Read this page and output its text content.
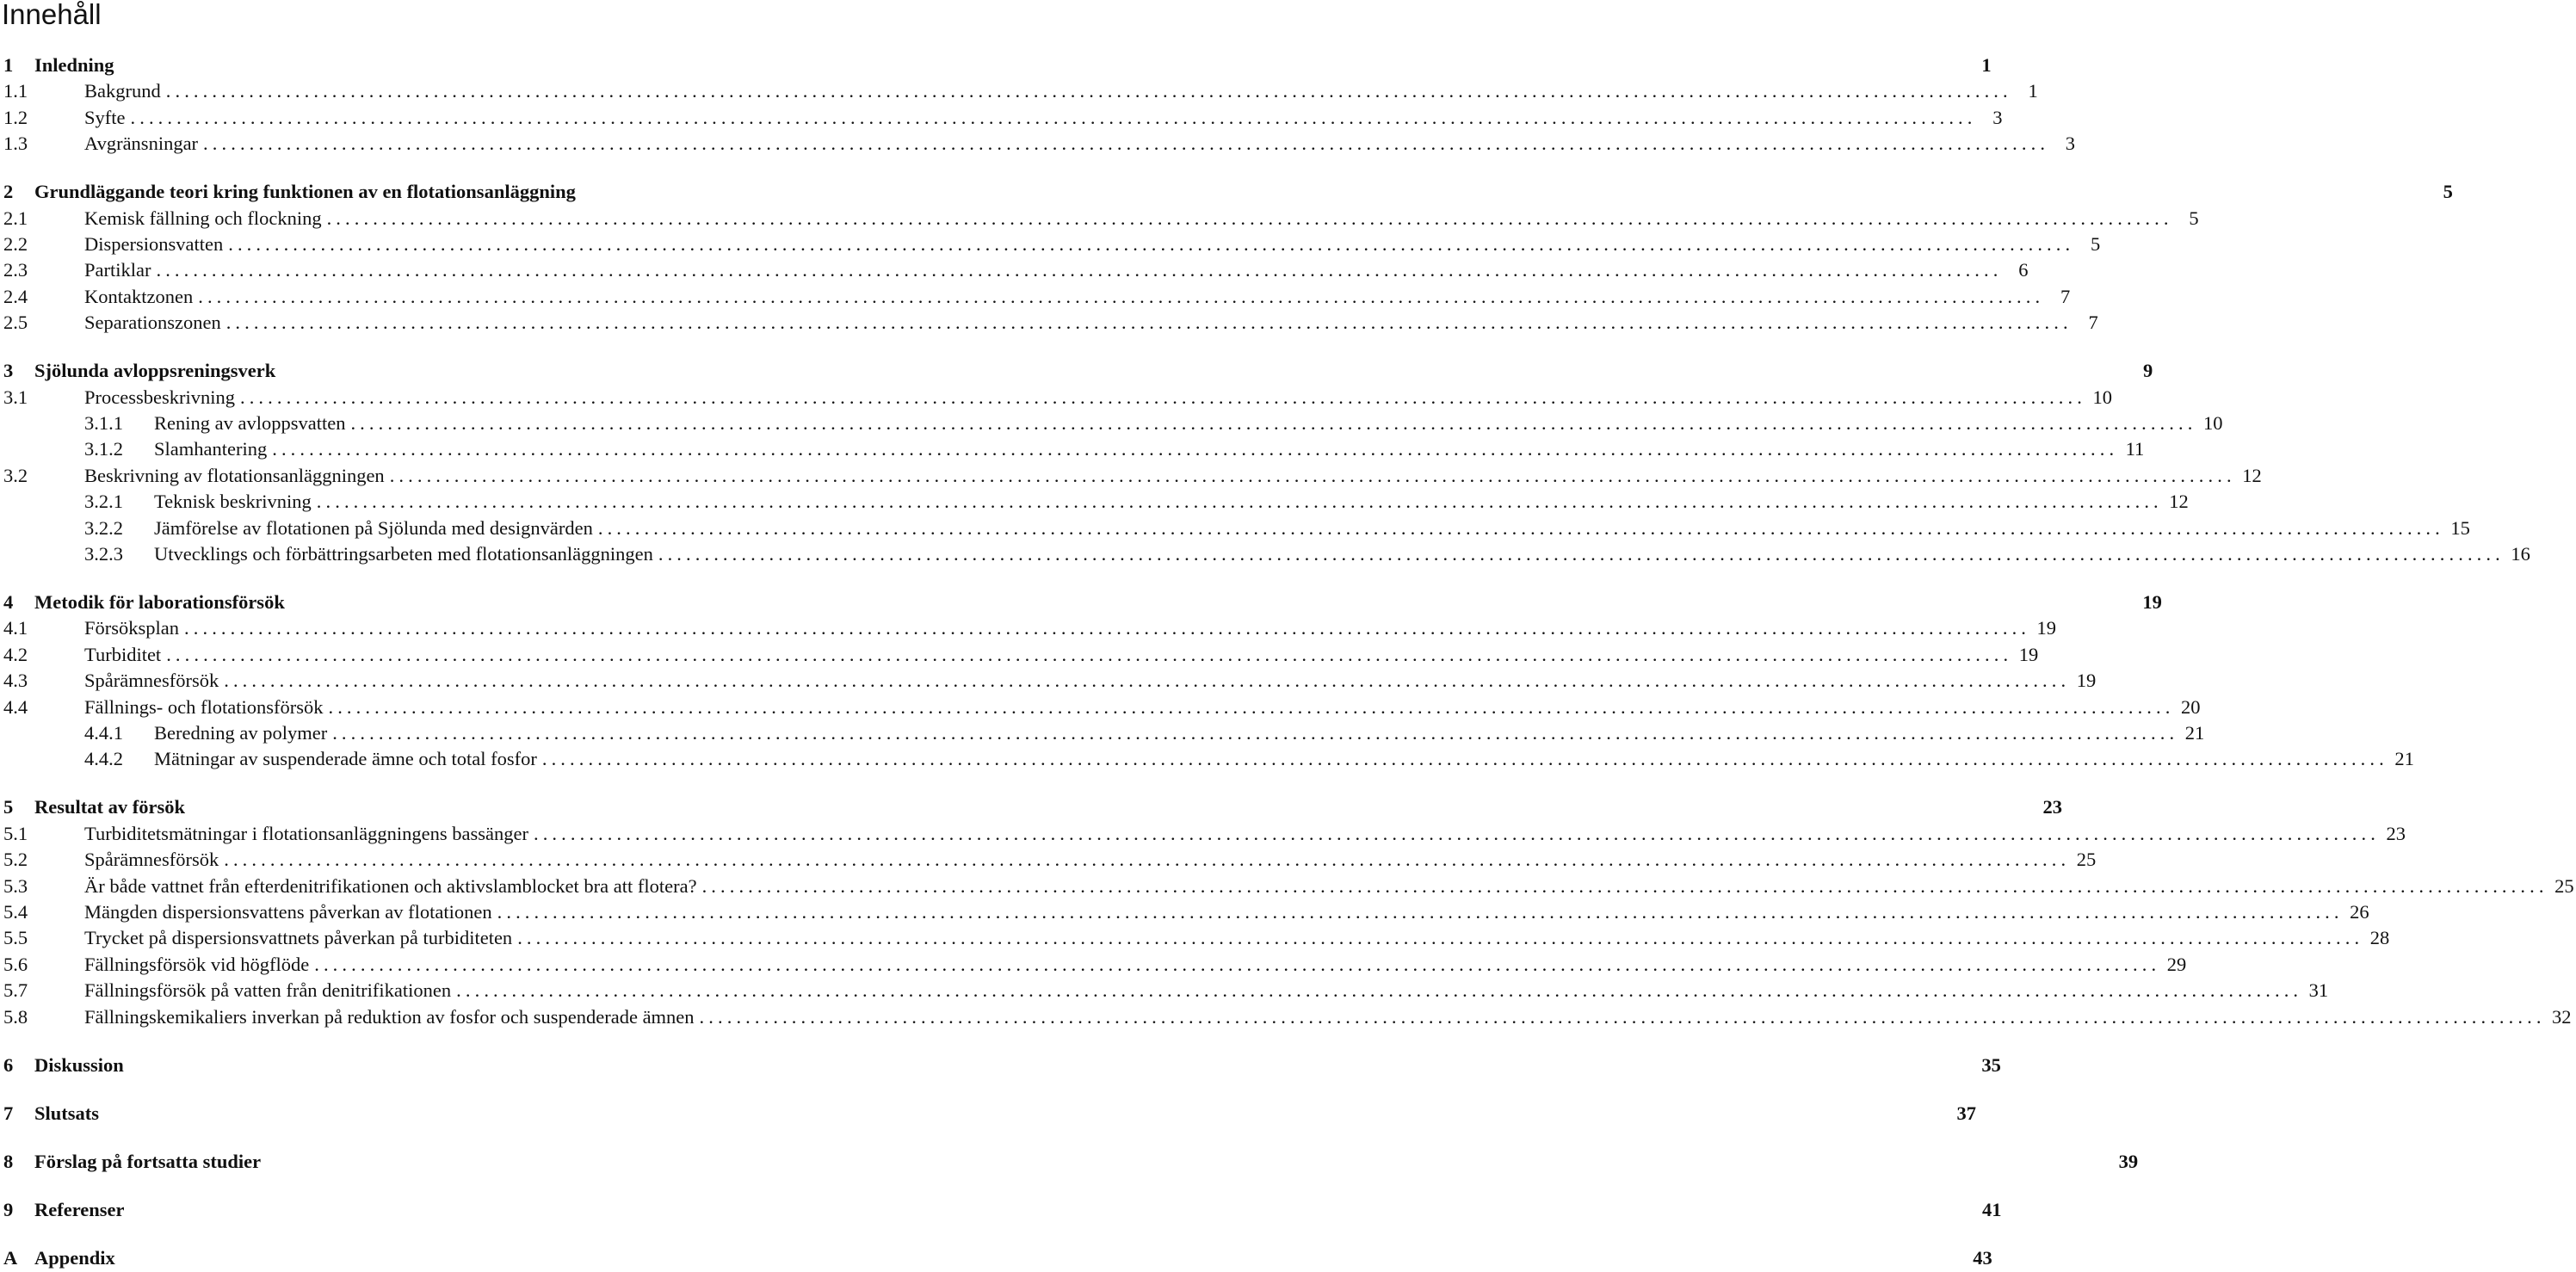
Innehåll
1	Inledning	1
1.1	Bakgrund ........................................................................................................................................................................................................ 1
1.2	Syfte ........................................................................................................................................................................................................ 3
1.3	Avgränsningar ........................................................................................................................................................................................................ 3
2	Grundläggande teori kring funktionen av en flotationsanläggning	5
2.1	Kemisk fällning och flockning ........................................................................................................................................................................................................ 5
2.2	Dispersionsvatten ........................................................................................................................................................................................................ 5
2.3	Partiklar ........................................................................................................................................................................................................ 6
2.4	Kontaktzonen ........................................................................................................................................................................................................ 7
2.5	Separationszonen ........................................................................................................................................................................................................ 7
3	Sjölunda avloppsreningsverk	9
3.1	Processbeskrivning ........................................................................................................................................................................................................ 10
3.1.1	Rening av avloppsvatten ........................................................................................................................................................................................................ 10
3.1.2	Slamhantering ........................................................................................................................................................................................................ 11
3.2	Beskrivning av flotationsanläggningen ........................................................................................................................................................................................................ 12
3.2.1	Teknisk beskrivning ........................................................................................................................................................................................................ 12
3.2.2	Jämförelse av flotationen på Sjölunda med designvärden ........................................................................................................................................................................................................ 15
3.2.3	Utvecklings och förbättringsarbeten med flotationsanläggningen ........................................................................................................................................................................................................ 16
4	Metodik för laborationsförsök	19
4.1	Försöksplan ........................................................................................................................................................................................................ 19
4.2	Turbiditet ........................................................................................................................................................................................................ 19
4.3	Spårämnesförsök ........................................................................................................................................................................................................ 19
4.4	Fällnings- och flotationsförsök ........................................................................................................................................................................................................ 20
4.4.1	Beredning av polymer ........................................................................................................................................................................................................ 21
4.4.2	Mätningar av suspenderade ämne och total fosfor ........................................................................................................................................................................................................ 21
5	Resultat av försök	23
5.1	Turbiditetsmätningar i flotationsanläggningens bassänger ........................................................................................................................................................................................................ 23
5.2	Spårämnesförsök ........................................................................................................................................................................................................ 25
5.3	Är både vattnet från efterdenitrifikationen och aktivslamblocket bra att flotera? ........................................................................................................................................................................................................ 25
5.4	Mängden dispersionsvattens påverkan av flotationen ........................................................................................................................................................................................................ 26
5.5	Trycket på dispersionsvattnets påverkan på turbiditeten ........................................................................................................................................................................................................ 28
5.6	Fällningsförsök vid högflöde ........................................................................................................................................................................................................ 29
5.7	Fällningsförsök på vatten från denitrifikationen ........................................................................................................................................................................................................ 31
5.8	Fällningskemikaliers inverkan på reduktion av fosfor och suspenderade ämnen ........................................................................................................................................................................................................ 32
6	Diskussion	35
7	Slutsats	37
8	Förslag på fortsatta studier	39
9	Referenser	41
A Appendix	43
